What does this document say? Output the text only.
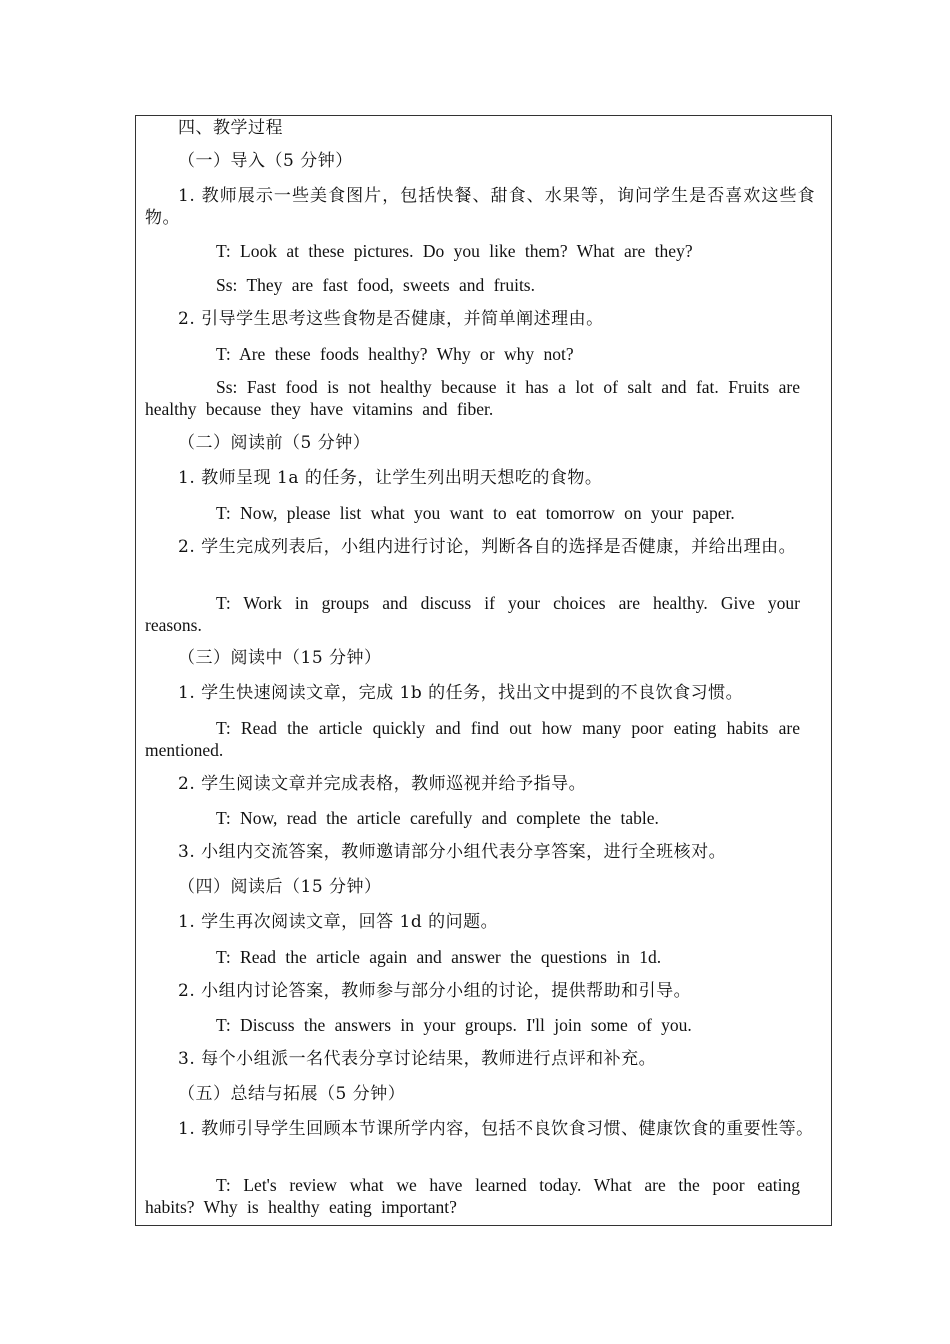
四、教学过程

（一）导入（5 分钟）

1. 教师展示一些美食图片，包括快餐、甜食、水果等，询问学生是否喜欢这些食物。

T: Look at these pictures. Do you like them? What are they?

Ss: They are fast food, sweets and fruits.

2. 引导学生思考这些食物是否健康，并简单阐述理由。

T: Are these foods healthy? Why or why not?

Ss: Fast food is not healthy because it has a lot of salt and fat. Fruits are healthy because they have vitamins and fiber.

（二）阅读前（5 分钟）

1. 教师呈现 1a 的任务，让学生列出明天想吃的食物。

T: Now, please list what you want to eat tomorrow on your paper.

2. 学生完成列表后，小组内进行讨论，判断各自的选择是否健康，并给出理由。

T: Work in groups and discuss if your choices are healthy. Give your reasons.

（三）阅读中（15 分钟）

1. 学生快速阅读文章，完成 1b 的任务，找出文中提到的不良饮食习惯。

T: Read the article quickly and find out how many poor eating habits are mentioned.

2. 学生阅读文章并完成表格，教师巡视并给予指导。

T: Now, read the article carefully and complete the table.

3. 小组内交流答案，教师邀请部分小组代表分享答案，进行全班核对。

（四）阅读后（15 分钟）

1. 学生再次阅读文章，回答 1d 的问题。

T: Read the article again and answer the questions in 1d.

2. 小组内讨论答案，教师参与部分小组的讨论，提供帮助和引导。

T: Discuss the answers in your groups. I'll join some of you.

3. 每个小组派一名代表分享讨论结果，教师进行点评和补充。

（五）总结与拓展（5 分钟）

1. 教师引导学生回顾本节课所学内容，包括不良饮食习惯、健康饮食的重要性等。

T: Let's review what we have learned today. What are the poor eating habits? Why is healthy eating important?
